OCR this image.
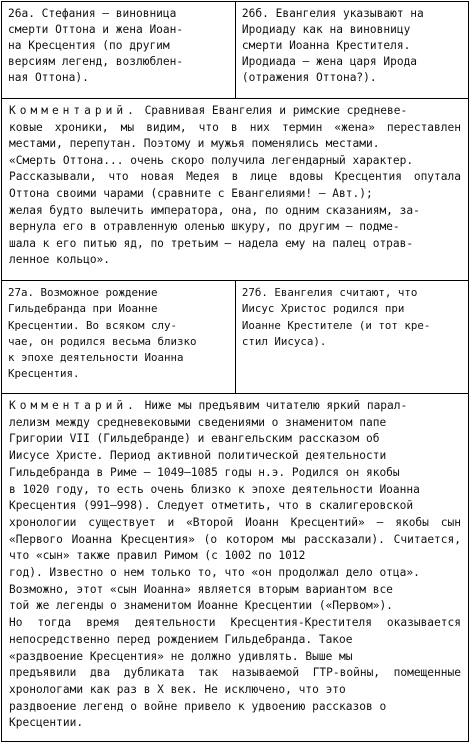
26а. Стефания – виновница
смерти Оттона и жена Иоан-
на Кресцентия (по другим
версиям легенд, возлюблен-
ная Оттона).
26б. Евангелия указывают на
Иродиаду как на виновницу
смерти Иоанна Крестителя.
Иродиада – жена царя Ирода
(отражения Оттона?).
Комментарий. Сравнивая Евангелия и римские средневе-
ковые хроники, мы видим, что в них термин «жена» переставлен местами, перепутан. Поэтому и мужья поменялись местами.
«Смерть Оттона... очень скоро получила легендарный характер.
Рассказывали, что новая Медея в лице вдовы Кресцентия опутала Оттона своими чарами (сравните с Евангелиями! – Авт.);
желая будто вылечить императора, она, по одним сказаниям, за-
вернула его в отравленную оленью шкуру, по другим – подме-
шала к его питью яд, по третьим – надела ему на палец отрав-
ленное кольцо».
27а. Возможное рождение
Гильдебранда при Иоанне
Кресцентии. Во всяком слу-
чае, он родился весьма близко
к эпохе деятельности Иоанна
Кресцентия.
27б. Евангелия считают, что
Иисус Христос родился при
Иоанне Крестителе (и тот кре-
стил Иисуса).
Комментарий. Ниже мы предъявим читателю яркий парал-
лелизм между средневековыми сведениями о знаменитом папе
Григории VII (Гильдебранде) и евангельским рассказом об
Иисусе Христе. Период активной политической деятельности
Гильдебранда в Риме – 1049–1085 годы н.э. Родился он якобы
в 1020 году, то есть очень близко к эпохе деятельности Иоанна
Кресцентия (991–998). Следует отметить, что в скалигеровской
хронологии существует и «Второй Иоанн Кресцентий» – якобы сын «Первого Иоанна Кресцентия» (о котором мы рассказали). Считается, что «сын» также правил Римом (с 1002 по 1012
год). Известно о нем только то, что «он продолжал дело отца».
Возможно, этот «сын Иоанна» является вторым вариантом все
той же легенды о знаменитом Иоанне Кресцентии («Первом»).
Но тогда время деятельности Кресцентия-Крестителя оказывается непосредственно перед рождением Гильдебранда. Такое
«раздвоение Кресцентия» не должно удивлять. Выше мы
предъявили два дубликата так называемой ГТР-войны, помещенные хронологами как раз в X век. Не исключено, что это
раздвоение легенд о войне привело к удвоению рассказов о
Кресцентии.
